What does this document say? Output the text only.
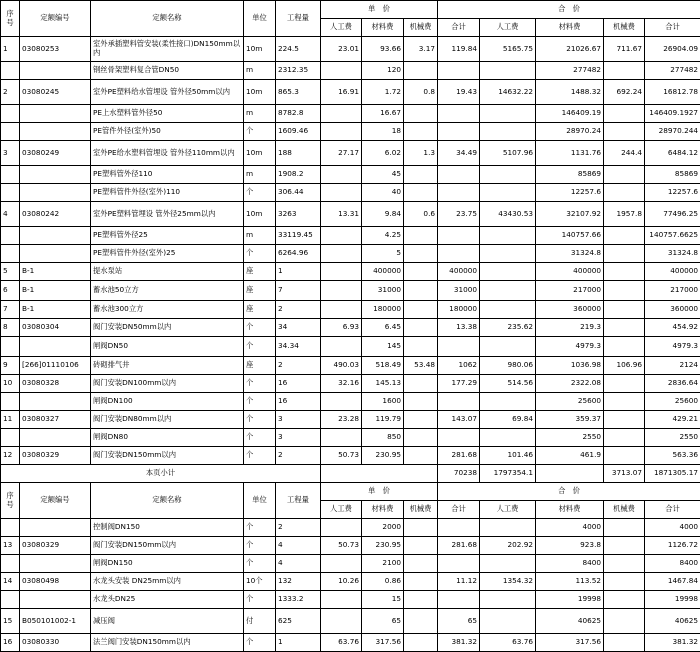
序号	定额编号	定额名称	单位	工程量	单　价			合　价				
					人工费	材料费	机械费	合计	人工费	材料费	机械费	合计
1	03080253	室外承插塑料管安装(柔性接口)DN150mm以内	10m	224.5	23.01	93.66	3.17	119.84	5165.75	21026.67	711.67	26904.09
		钢丝骨架塑料复合管DN50	m	2312.35		120				277482		277482
2	03080245	室外PE塑料给水管埋设 管外径50mm以内	10m	865.3	16.91	1.72	0.8	19.43	14632.22	1488.32	692.24	16812.78
		PE上水塑料管外径50	m	8782.8		16.67				146409.19		146409.1927
		PE管件外径(室外)50	个	1609.46		18				28970.24		28970.244
3	03080249	室外PE给水塑料管埋设 管外径110mm以内	10m	188	27.17	6.02	1.3	34.49	5107.96	1131.76	244.4	6484.12
		PE塑料管外径110	m	1908.2		45				85869		85869
		PE塑料管件外径(室外)110	个	306.44		40				12257.6		12257.6
4	03080242	室外PE塑料管埋设 管外径25mm以内	10m	3263	13.31	9.84	0.6	23.75	43430.53	32107.92	1957.8	77496.25
		PE塑料管外径25	m	33119.45		4.25				140757.66		140757.6625
		PE塑料管件外径(室外)25	个	6264.96		5				31324.8		31324.8
5	B-1	提水泵站	座	1		400000		400000		400000		400000
6	B-1	蓄水池50立方	座	7		31000		31000		217000		217000
7	B-1	蓄水池300立方	座	2		180000		180000		360000		360000
8	03080304	阀门安装DN50mm以内	个	34	6.93	6.45		13.38	235.62	219.3		454.92
		闸阀DN50	个	34.34		145				4979.3		4979.3
9	[266]01110106	砖砌排气井	座	2	490.03	518.49	53.48	1062	980.06	1036.98	106.96	2124
10	03080328	阀门安装DN100mm以内	个	16	32.16	145.13		177.29	514.56	2322.08		2836.64
		闸阀DN100	个	16		1600				25600		25600
11	03080327	阀门安装DN80mm以内	个	3	23.28	119.79		143.07	69.84	359.37		429.21
		闸阀DN80	个	3		850				2550		2550
12	03080329	阀门安装DN150mm以内	个	2	50.73	230.95		281.68	101.46	461.9		563.36
本页小计								70238	1797354.1		3713.07	1871305.17
序号	定额编号	定额名称	单位	工程量	单　价			合　价				
					人工费	材料费	机械费	合计	人工费	材料费	机械费	合计
		控制阀DN150	个	2		2000				4000		4000
13	03080329	阀门安装DN150mm以内	个	4	50.73	230.95		281.68	202.92	923.8		1126.72
		闸阀DN150	个	4		2100				8400		8400
14	03080498	水龙头安装 DN25mm以内	10个	132	10.26	0.86		11.12	1354.32	113.52		1467.84
		水龙头DN25	个	1333.2		15				19998		19998
15	B050101002-1	减压阀	付	625		65		65		40625		40625
16	03080330	法兰阀门安装DN150mm以内	个	1	63.76	317.56		381.32	63.76	317.56		381.32
